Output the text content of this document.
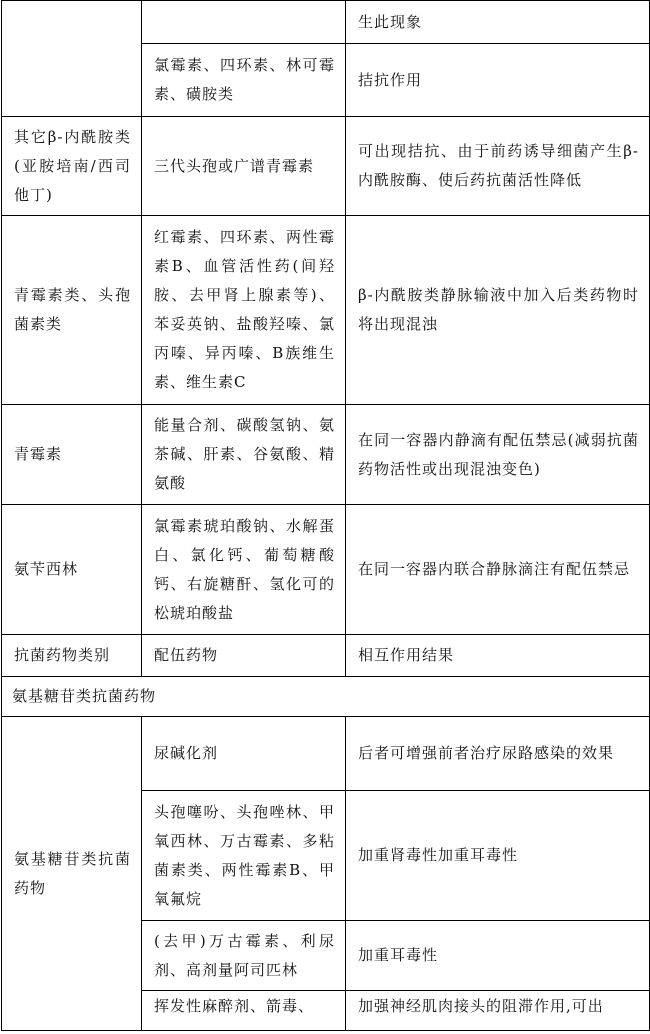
		生此现象
	氯霉素、四环素、林可霉素、磺胺类	拮抗作用
其它β-内酰胺类(亚胺培南/西司他丁)	三代头孢或广谱青霉素	可出现拮抗、由于前药诱导细菌产生β-内酰胺酶、使后药抗菌活性降低
青霉素类、头孢菌素类	红霉素、四环素、两性霉素B、血管活性药(间羟胺、去甲肾上腺素等)、苯妥英钠、盐酸羟嗪、氯丙嗪、异丙嗪、B族维生素、维生素C	β-内酰胺类静脉输液中加入后类药物时将出现混浊
青霉素	能量合剂、碳酸氢钠、氨茶碱、肝素、谷氨酸、精氨酸	在同一容器内静滴有配伍禁忌(减弱抗菌药物活性或出现混浊变色)
氨苄西林	氯霉素琥珀酸钠、水解蛋白、氯化钙、葡萄糖酸钙、右旋糖酐、氢化可的松琥珀酸盐	在同一容器内联合静脉滴注有配伍禁忌
抗菌药物类别	配伍药物	相互作用结果
氨基糖苷类抗菌药物		
氨基糖苷类抗菌药物	尿碱化剂	后者可增强前者治疗尿路感染的效果
	头孢噻吩、头孢唑林、甲氧西林、万古霉素、多粘菌素类、两性霉素B、甲氧氟烷	加重肾毒性加重耳毒性
	(去甲)万古霉素、利尿剂、高剂量阿司匹林	加重耳毒性
	挥发性麻醉剂、箭毒、	加强神经肌肉接头的阻滞作用,可出
